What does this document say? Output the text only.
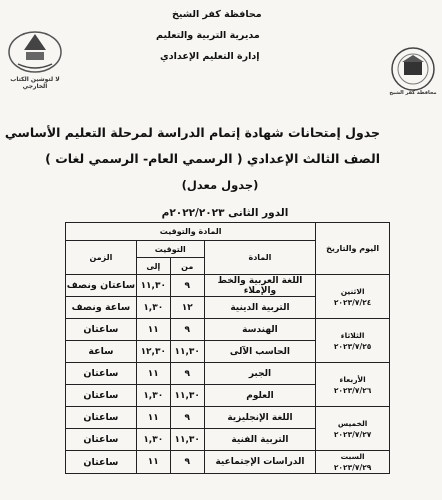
لا لتوشين الكتاب الخارجي
محافظة كفر الشيخ
محافظة كفر الشيخ
مديرية التربية والتعليم
إدارة التعليم الإعدادي
جدول إمتحانات شهادة إتمام الدراسة لمرحلة التعليم الأساسي
الصف الثالث الإعدادي ( الرسمي العام- الرسمي لغات )
(جدول معدل)
الدور الثانى ٢٠٢٢/٢٠٢٣م
اليوم والتاريخ	المادة والتوقيت			
	المادة	التوقيت		الزمن
		من	إلى	
الاثنين
٢٠٢٣/٧/٢٤	اللغة العربية والخط والإملاء	٩	١١,٣٠	ساعتان ونصف
	التربية الدينية	١٢	١,٣٠	ساعة ونصف
الثلاثاء
٢٠٢٣/٧/٢٥	الهندسة	٩	١١	ساعتان
	الحاسب الآلى	١١,٣٠	١٢,٣٠	ساعة
الأربعاء
٢٠٢٣/٧/٢٦	الجبر	٩	١١	ساعتان
	العلوم	١١,٣٠	١,٣٠	ساعتان
الخميس
٢٠٢٣/٧/٢٧	اللغة الإنجليزية	٩	١١	ساعتان
	التربية الفنية	١١,٣٠	١,٣٠	ساعتان
السبت
٢٠٢٣/٧/٢٩	الدراسات الإجتماعية	٩	١١	ساعتان
